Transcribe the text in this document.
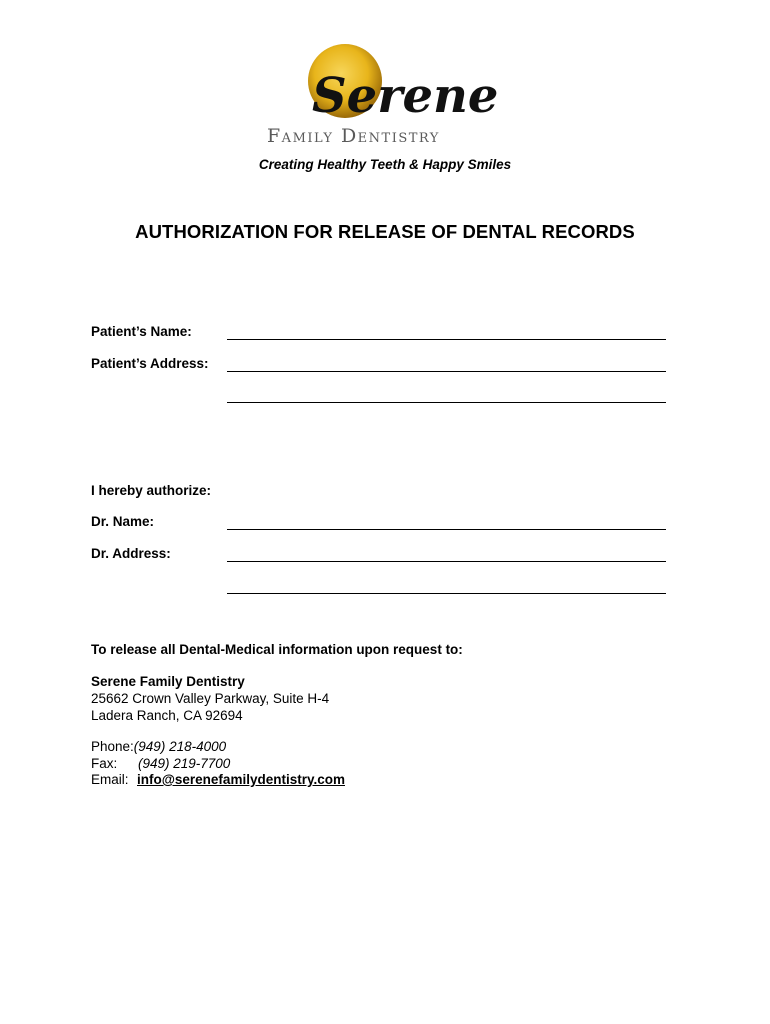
Serene
Family Dentistry
Creating Healthy Teeth & Happy Smiles
AUTHORIZATION FOR RELEASE OF DENTAL RECORDS
Patient’s Name:
Patient’s Address:
I hereby authorize:
Dr. Name:
Dr. Address:
To release all Dental-Medical information upon request to:
Serene Family Dentistry
25662 Crown Valley Parkway, Suite H-4
Ladera Ranch, CA 92694
Phone:(949) 218-4000
Fax: (949) 219-7700
Email: info@serenefamilydentistry.com
